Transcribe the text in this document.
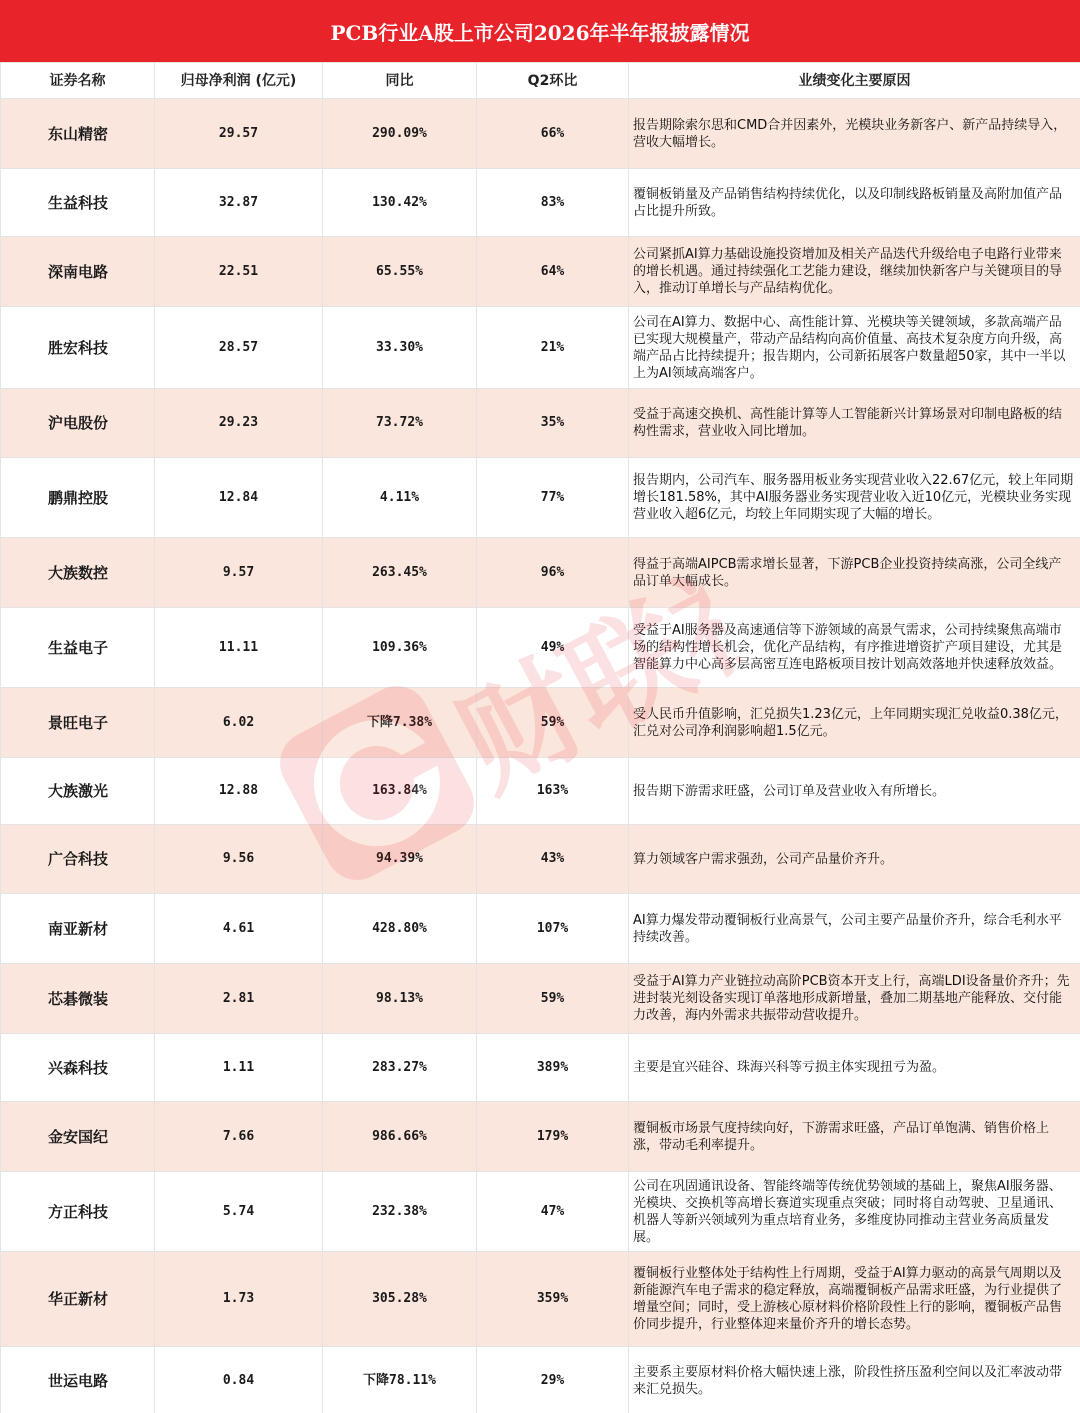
PCB行业A股上市公司2026年半年报披露情况
证券名称	归母净利润 (亿元)	同比	Q2环比	业绩变化主要原因
东山精密	29.57	290.09%	66%	报告期除索尔思和CMD合并因素外，光模块业务新客户、新产品持续导入，营收大幅增长。
生益科技	32.87	130.42%	83%	覆铜板销量及产品销售结构持续优化，以及印制线路板销量及高附加值产品占比提升所致。
深南电路	22.51	65.55%	64%	公司紧抓AI算力基础设施投资增加及相关产品迭代升级给电子电路行业带来的增长机遇。通过持续强化工艺能力建设，继续加快新客户与关键项目的导入，推动订单增长与产品结构优化。
胜宏科技	28.57	33.30%	21%	公司在AI算力、数据中心、高性能计算、光模块等关键领域，多款高端产品已实现大规模量产，带动产品结构向高价值量、高技术复杂度方向升级，高端产品占比持续提升；报告期内，公司新拓展客户数量超50家，其中一半以上为AI领域高端客户。
沪电股份	29.23	73.72%	35%	受益于高速交换机、高性能计算等人工智能新兴计算场景对印制电路板的结构性需求，营业收入同比增加。
鹏鼎控股	12.84	4.11%	77%	报告期内，公司汽车、服务器用板业务实现营业收入22.67亿元，较上年同期增长181.58%，其中AI服务器业务实现营业收入近10亿元，光模块业务实现营业收入超6亿元，均较上年同期实现了大幅的增长。
大族数控	9.57	263.45%	96%	得益于高端AIPCB需求增长显著，下游PCB企业投资持续高涨，公司全线产品订单大幅成长。
生益电子	11.11	109.36%	49%	受益于AI服务器及高速通信等下游领域的高景气需求，公司持续聚焦高端市场的结构性增长机会，优化产品结构，有序推进增资扩产项目建设，尤其是智能算力中心高多层高密互连电路板项目按计划高效落地并快速释放效益。
景旺电子	6.02	下降7.38%	59%	受人民币升值影响，汇兑损失1.23亿元，上年同期实现汇兑收益0.38亿元，汇兑对公司净利润影响超1.5亿元。
大族激光	12.88	163.84%	163%	报告期下游需求旺盛，公司订单及营业收入有所增长。
广合科技	9.56	94.39%	43%	算力领域客户需求强劲，公司产品量价齐升。
南亚新材	4.61	428.80%	107%	AI算力爆发带动覆铜板行业高景气，公司主要产品量价齐升，综合毛利水平持续改善。
芯碁微装	2.81	98.13%	59%	受益于AI算力产业链拉动高阶PCB资本开支上行，高端LDI设备量价齐升；先进封装光刻设备实现订单落地形成新增量，叠加二期基地产能释放、交付能力改善，海内外需求共振带动营收提升。
兴森科技	1.11	283.27%	389%	主要是宜兴硅谷、珠海兴科等亏损主体实现扭亏为盈。
金安国纪	7.66	986.66%	179%	覆铜板市场景气度持续向好，下游需求旺盛，产品订单饱满、销售价格上涨，带动毛利率提升。
方正科技	5.74	232.38%	47%	公司在巩固通讯设备、智能终端等传统优势领域的基础上，聚焦AI服务器、光模块、交换机等高增长赛道实现重点突破；同时将自动驾驶、卫星通讯、机器人等新兴领域列为重点培育业务，多维度协同推动主营业务高质量发展。
华正新材	1.73	305.28%	359%	覆铜板行业整体处于结构性上行周期，受益于AI算力驱动的高景气周期以及新能源汽车电子需求的稳定释放，高端覆铜板产品需求旺盛，为行业提供了增量空间；同时，受上游核心原材料价格阶段性上行的影响，覆铜板产品售价同步提升，行业整体迎来量价齐升的增长态势。
世运电路	0.84	下降78.11%	29%	主要系主要原材料价格大幅快速上涨，阶段性挤压盈利空间以及汇率波动带来汇兑损失。
